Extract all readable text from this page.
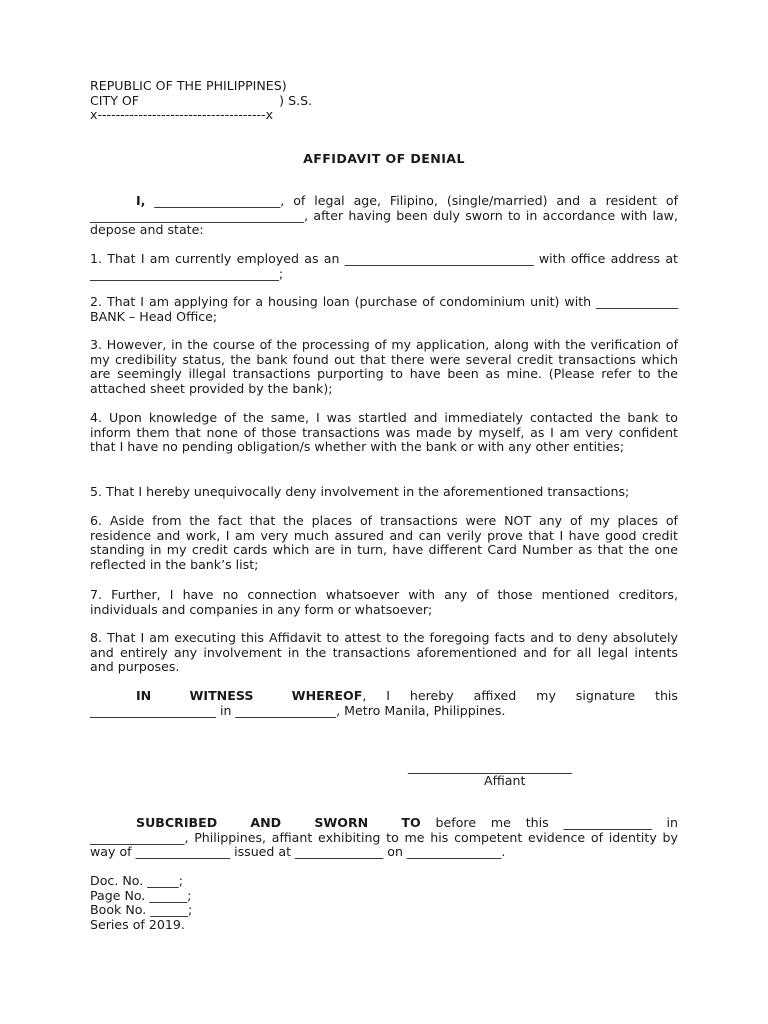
REPUBLIC OF THE PHILIPPINES)
CITY OF                                   ) S.S.
x-------------------------------------x
AFFIDAVIT OF DENIAL
I, ____________________, of legal age, Filipino, (single/married) and a resident of __________________________________, after having been duly sworn to in accordance with law, depose and state:
1. That I am currently employed as an ______________________________ with office address at ______________________________;
2. That I am applying for a housing loan (purchase of condominium unit) with _____________ BANK – Head Office;
3. However, in the course of the processing of my application, along with the verification of my credibility status, the bank found out that there were several credit transactions which are seemingly illegal transactions purporting to have been as mine. (Please refer to the attached sheet provided by the bank);
4. Upon knowledge of the same, I was startled and immediately contacted the bank to inform them that none of those transactions was made by myself, as I am very confident that I have no pending obligation/s whether with the bank or with any other entities;
5. That I hereby unequivocally deny involvement in the aforementioned transactions;
6. Aside from the fact that the places of transactions were NOT any of my places of residence and work, I am very much assured and can verily prove that I have good credit standing in my credit cards which are in turn, have different Card Number as that the one reflected in the bank’s list;
7. Further, I have no connection whatsoever with any of those mentioned creditors, individuals and companies in any form or whatsoever;
8. That I am executing this Affidavit to attest to the foregoing facts and to deny absolutely and entirely any involvement in the transactions aforementioned and for all legal intents and purposes.
IN WITNESS WHEREOF, I hereby affixed my signature this ____________________ in ________________, Metro Manila, Philippines.
__________________________
Affiant
SUBCRIBED AND SWORN TO before me this ______________ in _______________, Philippines, affiant exhibiting to me his competent evidence of identity by way of _______________ issued at ______________ on _______________.
Doc. No. _____;
Page No. ______;
Book No. ______;
Series of 2019.
